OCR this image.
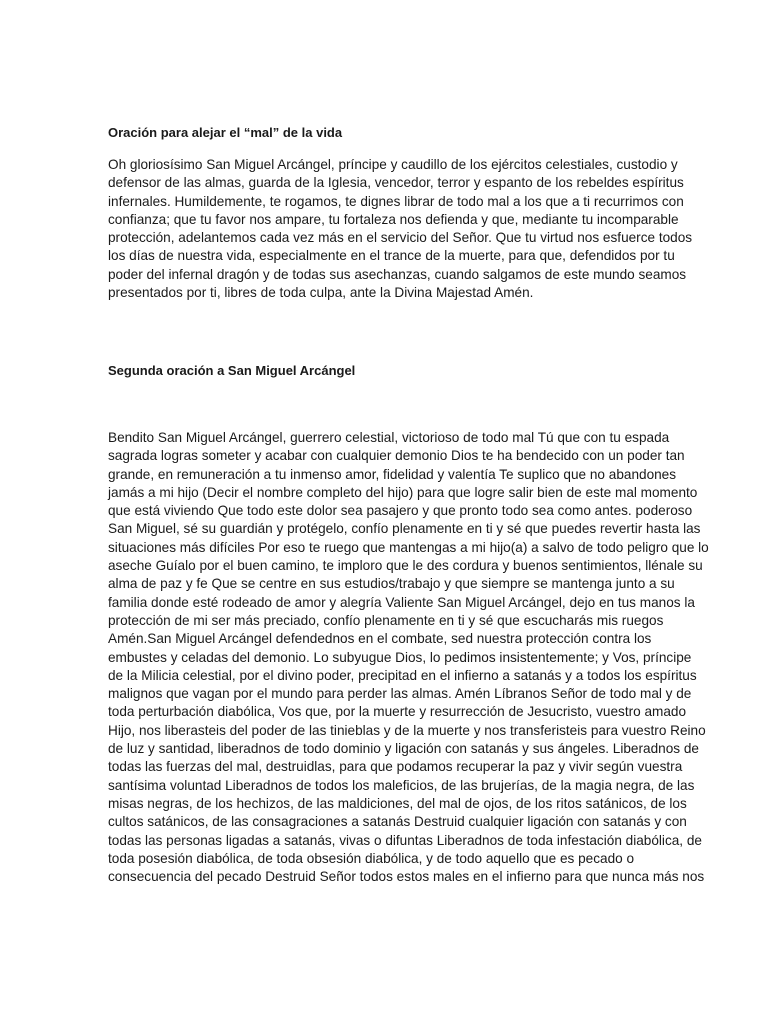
Oración para alejar el “mal” de la vida

Oh gloriosísimo San Miguel Arcángel, príncipe y caudillo de los ejércitos celestiales, custodio y
defensor de las almas, guarda de la Iglesia, vencedor, terror y espanto de los rebeldes espíritus
infernales. Humildemente, te rogamos, te dignes librar de todo mal a los que a ti recurrimos con
confianza; que tu favor nos ampare, tu fortaleza nos defienda y que, mediante tu incomparable
protección, adelantemos cada vez más en el servicio del Señor. Que tu virtud nos esfuerce todos
los días de nuestra vida, especialmente en el trance de la muerte, para que, defendidos por tu
poder del infernal dragón y de todas sus asechanzas, cuando salgamos de este mundo seamos
presentados por ti, libres de toda culpa, ante la Divina Majestad Amén.

Segunda oración a San Miguel Arcángel

Bendito San Miguel Arcángel, guerrero celestial, victorioso de todo mal Tú que con tu espada
sagrada logras someter y acabar con cualquier demonio Dios te ha bendecido con un poder tan
grande, en remuneración a tu inmenso amor, fidelidad y valentía Te suplico que no abandones
jamás a mi hijo (Decir el nombre completo del hijo) para que logre salir bien de este mal momento
que está viviendo Que todo este dolor sea pasajero y que pronto todo sea como antes. poderoso
San Miguel, sé su guardián y protégelo, confío plenamente en ti y sé que puedes revertir hasta las
situaciones más difíciles Por eso te ruego que mantengas a mi hijo(a) a salvo de todo peligro que lo
aseche Guíalo por el buen camino, te imploro que le des cordura y buenos sentimientos, llénale su
alma de paz y fe Que se centre en sus estudios/trabajo y que siempre se mantenga junto a su
familia donde esté rodeado de amor y alegría Valiente San Miguel Arcángel, dejo en tus manos la
protección de mi ser más preciado, confío plenamente en ti y sé que escucharás mis ruegos
Amén.San Miguel Arcángel defendednos en el combate, sed nuestra protección contra los
embustes y celadas del demonio. Lo subyugue Dios, lo pedimos insistentemente; y Vos, príncipe
de la Milicia celestial, por el divino poder, precipitad en el infierno a satanás y a todos los espíritus
malignos que vagan por el mundo para perder las almas. Amén Líbranos Señor de todo mal y de
toda perturbación diabólica, Vos que, por la muerte y resurrección de Jesucristo, vuestro amado
Hijo, nos liberasteis del poder de las tinieblas y de la muerte y nos transferisteis para vuestro Reino
de luz y santidad, liberadnos de todo dominio y ligación con satanás y sus ángeles. Liberadnos de
todas las fuerzas del mal, destruidlas, para que podamos recuperar la paz y vivir según vuestra
santísima voluntad Liberadnos de todos los maleficios, de las brujerías, de la magia negra, de las
misas negras, de los hechizos, de las maldiciones, del mal de ojos, de los ritos satánicos, de los
cultos satánicos, de las consagraciones a satanás Destruid cualquier ligación con satanás y con
todas las personas ligadas a satanás, vivas o difuntas Liberadnos de toda infestación diabólica, de
toda posesión diabólica, de toda obsesión diabólica, y de todo aquello que es pecado o
consecuencia del pecado Destruid Señor todos estos males en el infierno para que nunca más nos
